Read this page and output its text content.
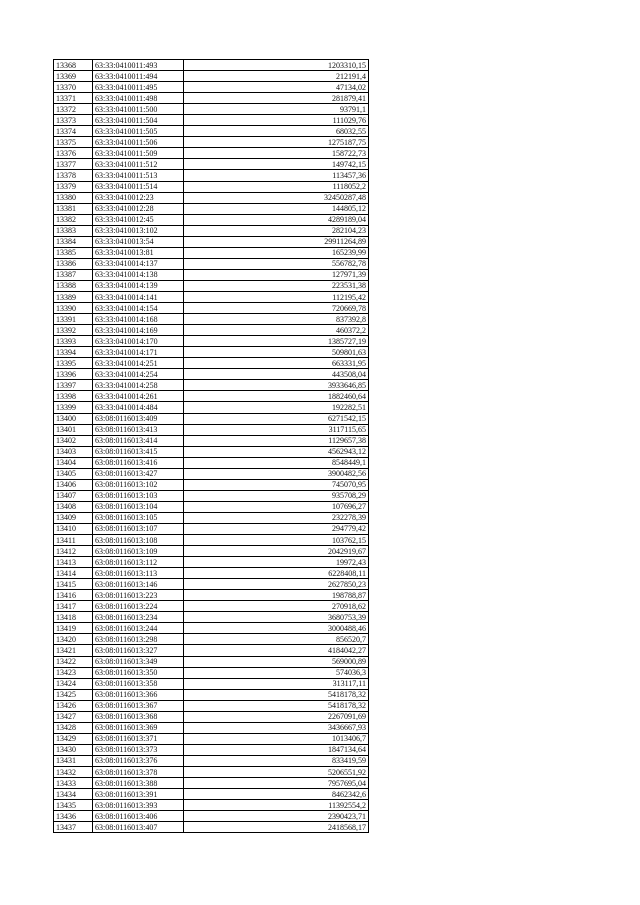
13368	63:33:0410011:493	1203310,15
13369	63:33:0410011:494	212191,4
13370	63:33:0410011:495	47134,02
13371	63:33:0410011:498	281879,41
13372	63:33:0410011:500	93791,1
13373	63:33:0410011:504	111029,76
13374	63:33:0410011:505	68032,55
13375	63:33:0410011:506	1275187,75
13376	63:33:0410011:509	158722,73
13377	63:33:0410011:512	149742,15
13378	63:33:0410011:513	113457,36
13379	63:33:0410011:514	1118052,2
13380	63:33:0410012:23	32450287,48
13381	63:33:0410012:28	144805,12
13382	63:33:0410012:45	4289189,04
13383	63:33:0410013:102	282104,23
13384	63:33:0410013:54	29911264,89
13385	63:33:0410013:81	165239,99
13386	63:33:0410014:137	556782,78
13387	63:33:0410014:138	127971,39
13388	63:33:0410014:139	223531,38
13389	63:33:0410014:141	112195,42
13390	63:33:0410014:154	720669,78
13391	63:33:0410014:168	837392,8
13392	63:33:0410014:169	460372,2
13393	63:33:0410014:170	1385727,19
13394	63:33:0410014:171	509801,63
13395	63:33:0410014:251	663331,95
13396	63:33:0410014:254	443508,04
13397	63:33:0410014:258	3933646,85
13398	63:33:0410014:261	1882460,64
13399	63:33:0410014:484	192282,51
13400	63:08:0116013:409	6271542,15
13401	63:08:0116013:413	3117115,65
13402	63:08:0116013:414	1129657,38
13403	63:08:0116013:415	4562943,12
13404	63:08:0116013:416	8548449,1
13405	63:08:0116013:427	3900482,56
13406	63:08:0116013:102	745070,95
13407	63:08:0116013:103	935708,29
13408	63:08:0116013:104	107696,27
13409	63:08:0116013:105	232278,39
13410	63:08:0116013:107	294779,42
13411	63:08:0116013:108	103762,15
13412	63:08:0116013:109	2042919,67
13413	63:08:0116013:112	19972,43
13414	63:08:0116013:113	6228408,11
13415	63:08:0116013:146	2627850,23
13416	63:08:0116013:223	198788,87
13417	63:08:0116013:224	270918,62
13418	63:08:0116013:234	3680753,39
13419	63:08:0116013:244	3000488,46
13420	63:08:0116013:298	856520,7
13421	63:08:0116013:327	4184042,27
13422	63:08:0116013:349	569000,89
13423	63:08:0116013:350	574036,3
13424	63:08:0116013:358	313117,11
13425	63:08:0116013:366	5418178,32
13426	63:08:0116013:367	5418178,32
13427	63:08:0116013:368	2267091,69
13428	63:08:0116013:369	3436667,93
13429	63:08:0116013:371	1013406,7
13430	63:08:0116013:373	1847134,64
13431	63:08:0116013:376	833419,59
13432	63:08:0116013:378	5206551,92
13433	63:08:0116013:388	7957695,04
13434	63:08:0116013:391	8462342,6
13435	63:08:0116013:393	11392554,2
13436	63:08:0116013:406	2390423,71
13437	63:08:0116013:407	2418568,17
